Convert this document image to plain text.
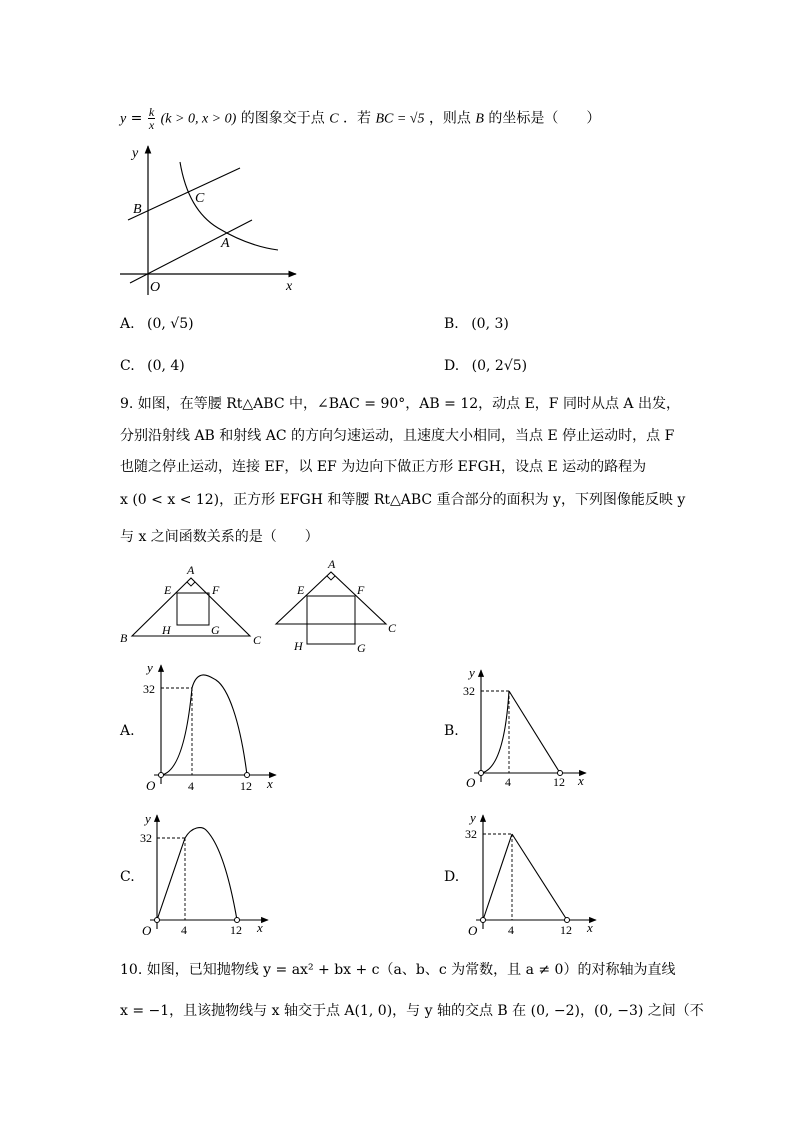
$y = \frac{k}{x} (k > 0$, x > 0) 的图象交于点 C ．若 BC = √5 ，则点 B 的坐标是（　　）
y
x
O
B
C
A
A. (0, √5)	B. (0, 3)
C. (0, 4)	D. (0, 2√5)
9. 如图，在等腰 Rt△ABC 中，∠BAC = 90°，AB = 12，动点 E，F 同时从点 A 出发，
分别沿射线 AB 和射线 AC 的方向匀速运动，且速度大小相同，当点 E 停止运动时，点 F
也随之停止运动，连接 EF，以 EF 为边向下做正方形 EFGH，设点 E 运动的路程为
x (0 < x < 12)，正方形 EFGH 和等腰 Rt△ABC 重合部分的面积为 y，下列图像能反映 y
与 x 之间函数关系的是（　　）
A
E	F
H	G
B	C
A
E	F
H	G
C
A.	B.
C.	D.
y
32
O	4	12 x
y
32
O 4	12 x
y
32
O 4	12 x
y
32
O	4	12 x
10. 如图，已知抛物线 y = ax² + bx + c（a、b、c 为常数，且 a ≠ 0）的对称轴为直线
x = −1，且该抛物线与 x 轴交于点 A(1, 0)，与 y 轴的交点 B 在 (0, −2)，(0, −3) 之间（不
